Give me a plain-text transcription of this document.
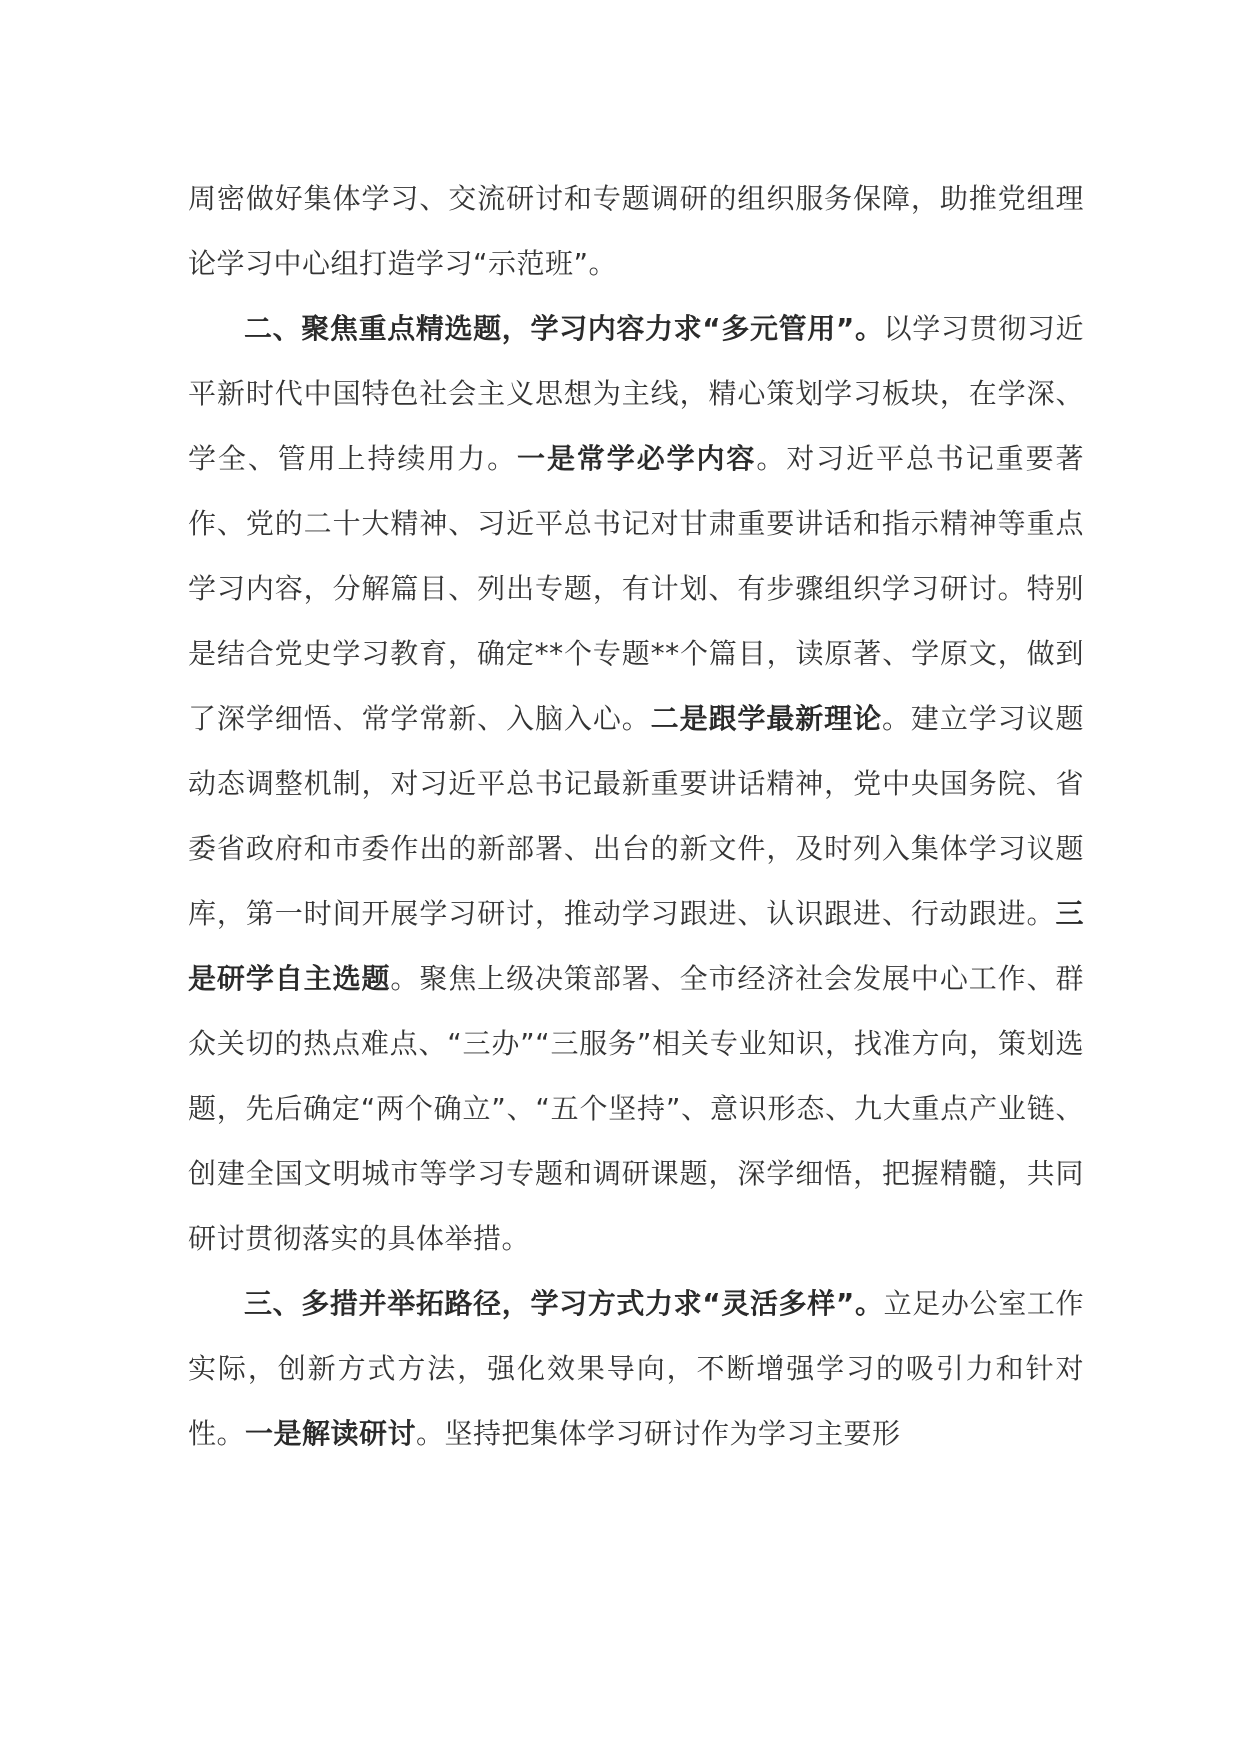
周密做好集体学习、交流研讨和专题调研的组织服务保障，助推党组理论学习中心组打造学习“示范班”。

二、聚焦重点精选题，学习内容力求“多元管用”。以学习贯彻习近平新时代中国特色社会主义思想为主线，精心策划学习板块，在学深、学全、管用上持续用力。一是常学必学内容。对习近平总书记重要著作、党的二十大精神、习近平总书记对甘肃重要讲话和指示精神等重点学习内容，分解篇目、列出专题，有计划、有步骤组织学习研讨。特别是结合党史学习教育，确定**个专题**个篇目，读原著、学原文，做到了深学细悟、常学常新、入脑入心。二是跟学最新理论。建立学习议题动态调整机制，对习近平总书记最新重要讲话精神，党中央国务院、省委省政府和市委作出的新部署、出台的新文件，及时列入集体学习议题库，第一时间开展学习研讨，推动学习跟进、认识跟进、行动跟进。三是研学自主选题。聚焦上级决策部署、全市经济社会发展中心工作、群众关切的热点难点、“三办”“三服务”相关专业知识，找准方向，策划选题，先后确定“两个确立”、“五个坚持”、意识形态、九大重点产业链、创建全国文明城市等学习专题和调研课题，深学细悟，把握精髓，共同研讨贯彻落实的具体举措。

三、多措并举拓路径，学习方式力求“灵活多样”。立足办公室工作实际，创新方式方法，强化效果导向，不断增强学习的吸引力和针对性。一是解读研讨。坚持把集体学习研讨作为学习主要形
